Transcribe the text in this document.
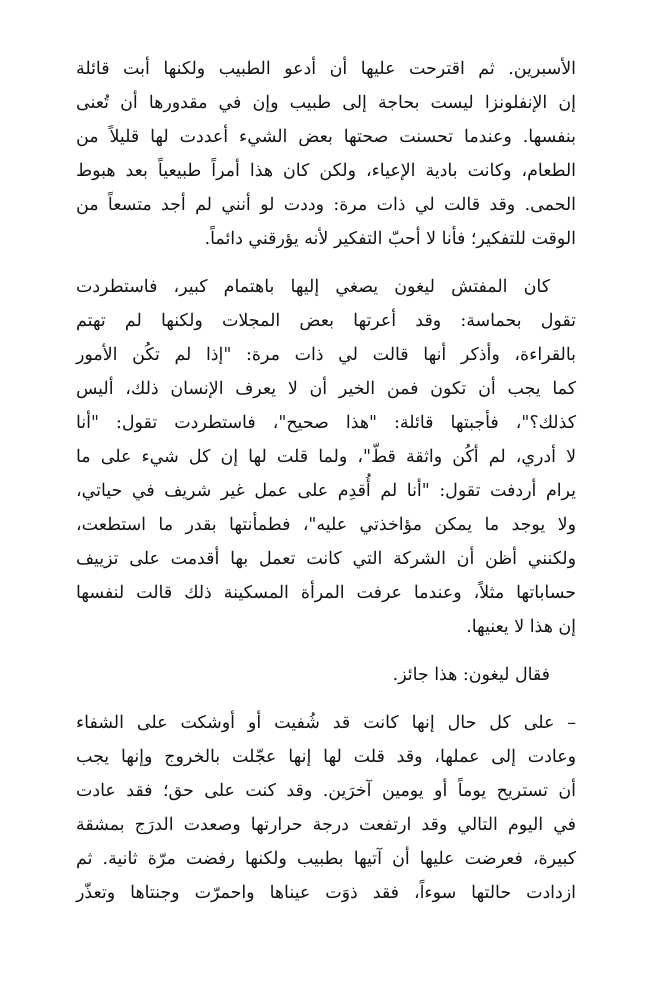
الأسبرين. ثم اقترحت عليها أن أدعو الطبيب ولكنها أبت قائلة
إن الإنفلونزا ليست بحاجة إلى طبيب وإن في مقدورها أن تُعنى
بنفسها. وعندما تحسنت صحتها بعض الشيء أعددت لها قليلاً من
الطعام، وكانت بادية الإعياء، ولكن كان هذا أمراً طبيعياً بعد هبوط
الحمى. وقد قالت لي ذات مرة: وددت لو أنني لم أجد متسعاً من
الوقت للتفكير؛ فأنا لا أحبّ التفكير لأنه يؤرقني دائماً.
كان المفتش ليغون يصغي إليها باهتمام كبير، فاستطردت
تقول بحماسة: وقد أعرتها بعض المجلات ولكنها لم تهتم
بالقراءة، وأذكر أنها قالت لي ذات مرة: "إذا لم تكُن الأمور
كما يجب أن تكون فمن الخير أن لا يعرف الإنسان ذلك، أليس
كذلك؟"، فأجبتها قائلة: "هذا صحيح"، فاستطردت تقول: "أنا
لا أدري، لم أكُن واثقة قطّ"، ولما قلت لها إن كل شيء على ما
يرام أردفت تقول: "أنا لم أُقدِم على عمل غير شريف في حياتي،
ولا يوجد ما يمكن مؤاخذتي عليه"، فطمأنتها بقدر ما استطعت،
ولكنني أظن أن الشركة التي كانت تعمل بها أقدمت على تزييف
حساباتها مثلاً، وعندما عرفت المرأة المسكينة ذلك قالت لنفسها
إن هذا لا يعنيها.
فقال ليغون: هذا جائز.
– على كل حال إنها كانت قد شُفيت أو أوشكت على الشفاء
وعادت إلى عملها، وقد قلت لها إنها عجّلت بالخروج وإنها يجب
أن تستريح يوماً أو يومين آخرَين. وقد كنت على حق؛ فقد عادت
في اليوم التالي وقد ارتفعت درجة حرارتها وصعدت الدرَج بمشقة
كبيرة، فعرضت عليها أن آتيها بطبيب ولكنها رفضت مرّة ثانية. ثم
ازدادت حالتها سوءاً، فقد ذوَت عيناها واحمرّت وجنتاها وتعذّر
